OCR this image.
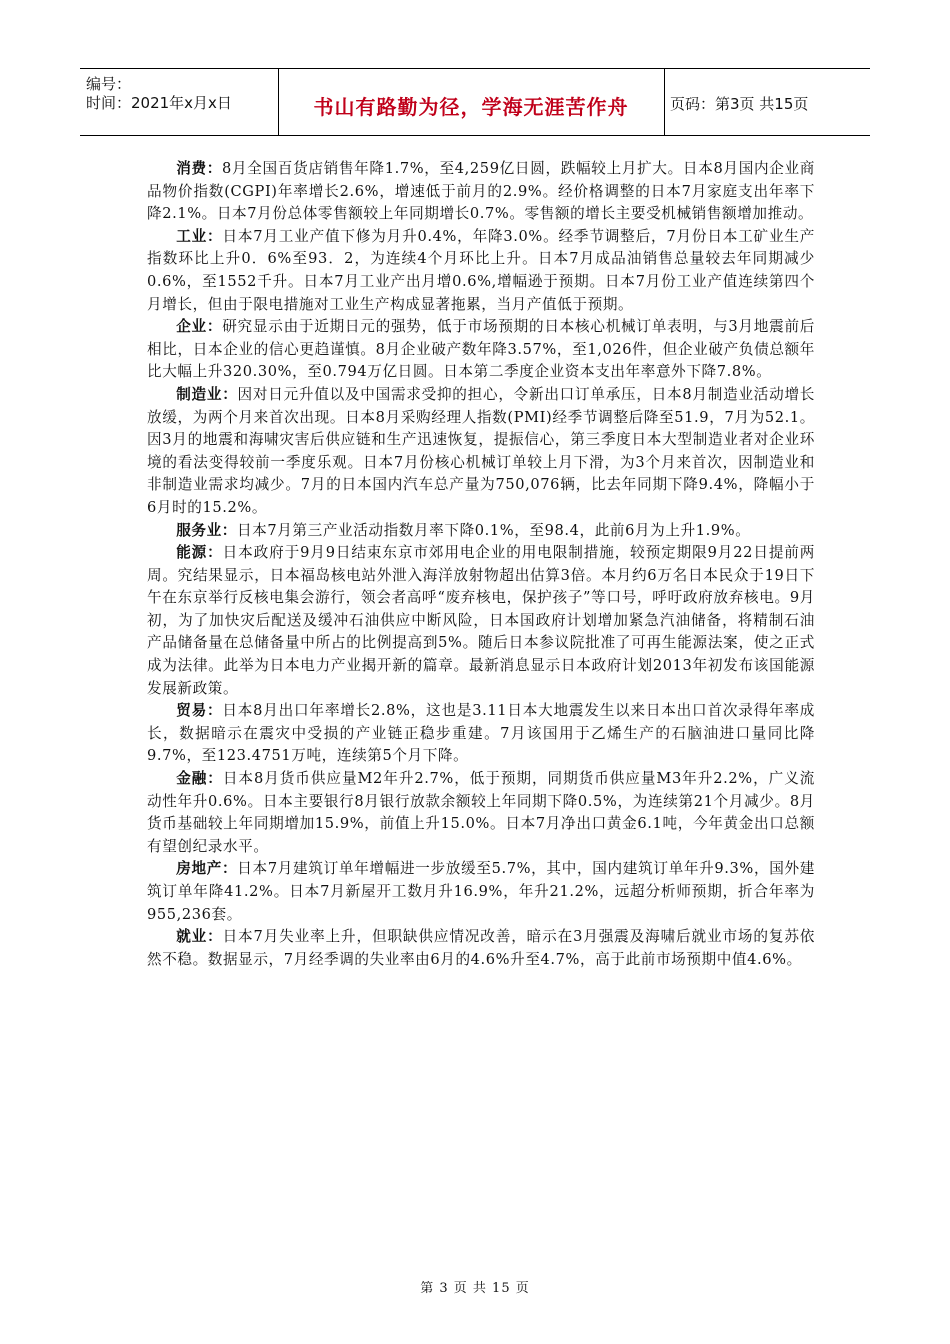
编号：
时间：2021年x月x日	书山有路勤为径，学海无涯苦作舟	页码：第3页 共15页

消费：8月全国百货店销售年降1.7%，至4,259亿日圆，跌幅较上月扩大。日本8月国内企业商品物价指数(CGPI)年率增长2.6%，增速低于前月的2.9%。经价格调整的日本7月家庭支出年率下降2.1%。日本7月份总体零售额较上年同期增长0.7%。零售额的增长主要受机械销售额增加推动。

工业：日本7月工业产值下修为月升0.4%，年降3.0%。经季节调整后，7月份日本工矿业生产指数环比上升0．6%至93．2，为连续4个月环比上升。日本7月成品油销售总量较去年同期减少0.6%，至1552千升。日本7月工业产出月增0.6%,增幅逊于预期。日本7月份工业产值连续第四个月增长，但由于限电措施对工业生产构成显著拖累，当月产值低于预期。

企业：研究显示由于近期日元的强势，低于市场预期的日本核心机械订单表明，与3月地震前后相比，日本企业的信心更趋谨慎。8月企业破产数年降3.57%，至1,026件，但企业破产负债总额年比大幅上升320.30%，至0.794万亿日圆。日本第二季度企业资本支出年率意外下降7.8%。

制造业：因对日元升值以及中国需求受抑的担心，令新出口订单承压，日本8月制造业活动增长放缓，为两个月来首次出现。日本8月采购经理人指数(PMI)经季节调整后降至51.9，7月为52.1。因3月的地震和海啸灾害后供应链和生产迅速恢复，提振信心，第三季度日本大型制造业者对企业环境的看法变得较前一季度乐观。日本7月份核心机械订单较上月下滑，为3个月来首次，因制造业和非制造业需求均减少。7月的日本国内汽车总产量为750,076辆，比去年同期下降9.4%，降幅小于6月时的15.2%。

服务业：日本7月第三产业活动指数月率下降0.1%，至98.4，此前6月为上升1.9%。

能源：日本政府于9月9日结束东京市郊用电企业的用电限制措施，较预定期限9月22日提前两周。究结果显示，日本福岛核电站外泄入海洋放射物超出估算3倍。本月约6万名日本民众于19日下午在东京举行反核电集会游行，领会者高呼“废弃核电，保护孩子”等口号，呼吁政府放弃核电。9月初，为了加快灾后配送及缓冲石油供应中断风险，日本国政府计划增加紧急汽油储备，将精制石油产品储备量在总储备量中所占的比例提高到5%。随后日本参议院批准了可再生能源法案，使之正式成为法律。此举为日本电力产业揭开新的篇章。最新消息显示日本政府计划2013年初发布该国能源发展新政策。

贸易：日本8月出口年率增长2.8%，这也是3.11日本大地震发生以来日本出口首次录得年率成长，数据暗示在震灾中受损的产业链正稳步重建。7月该国用于乙烯生产的石脑油进口量同比降9.7%，至123.4751万吨，连续第5个月下降。

金融：日本8月货币供应量M2年升2.7%，低于预期，同期货币供应量M3年升2.2%，广义流动性年升0.6%。日本主要银行8月银行放款余额较上年同期下降0.5%，为连续第21个月减少。8月货币基础较上年同期增加15.9%，前值上升15.0%。日本7月净出口黄金6.1吨，今年黄金出口总额有望创纪录水平。

房地产：日本7月建筑订单年增幅进一步放缓至5.7%，其中，国内建筑订单年升9.3%，国外建筑订单年降41.2%。日本7月新屋开工数月升16.9%，年升21.2%，远超分析师预期，折合年率为955,236套。

就业：日本7月失业率上升，但职缺供应情况改善，暗示在3月强震及海啸后就业市场的复苏依然不稳。数据显示，7月经季调的失业率由6月的4.6%升至4.7%，高于此前市场预期中值4.6%。

第 3 页 共 15 页
